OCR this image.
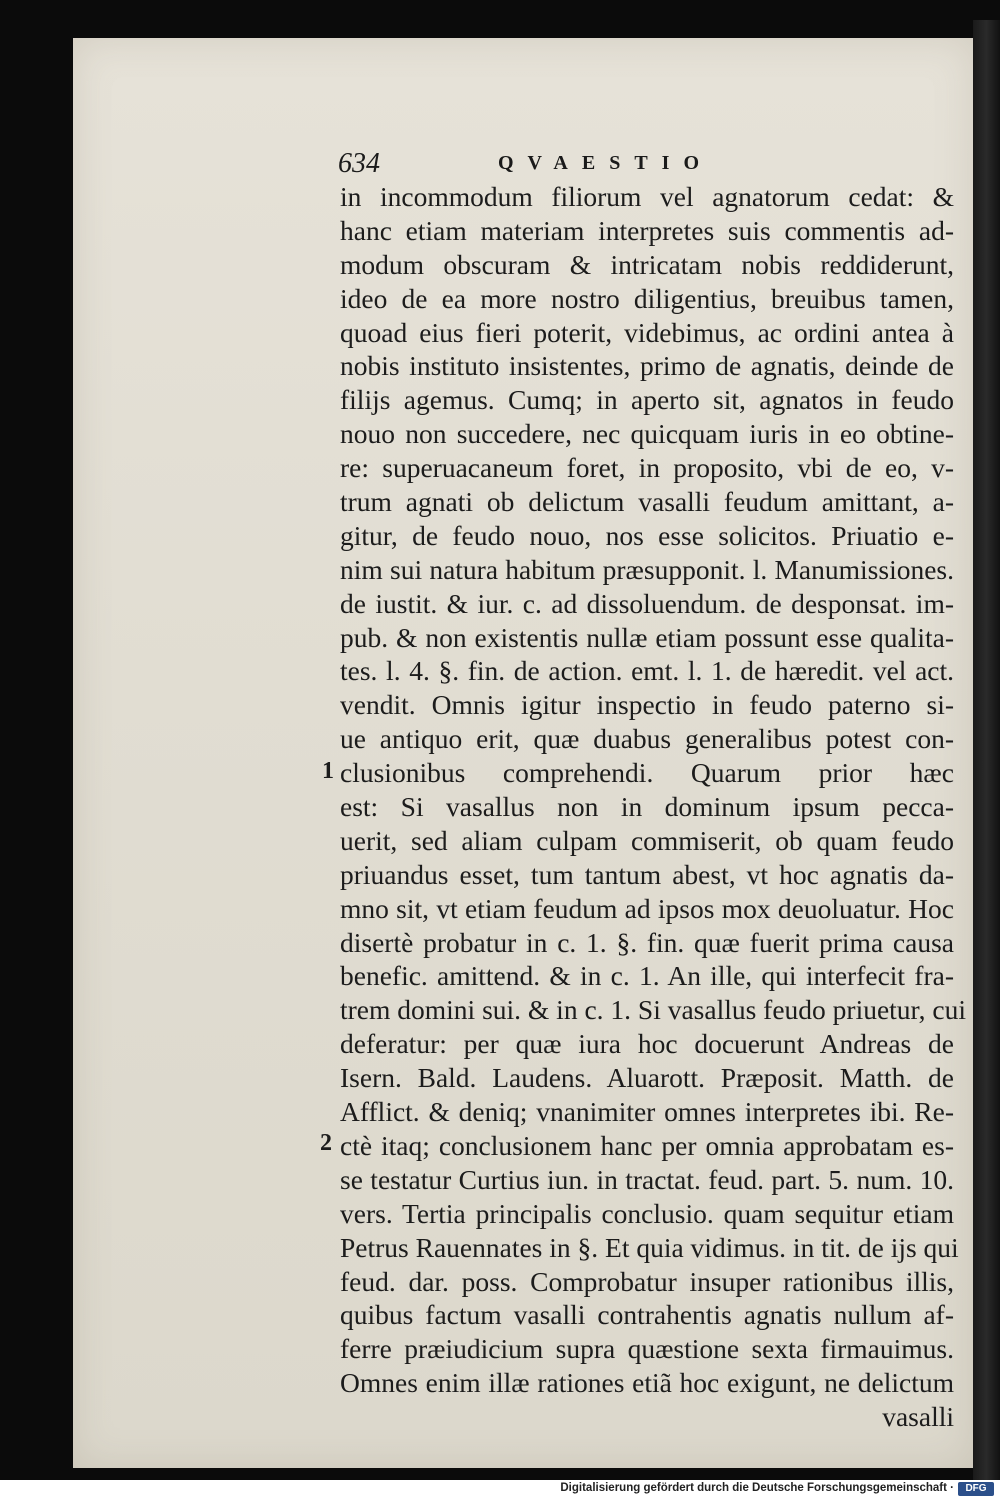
634	QVAESTIO
in incommodum filiorum vel agnatorum cedat: &
hanc etiam materiam interpretes suis commentis ad-
modum obscuram & intricatam nobis reddiderunt,
ideo de ea more nostro diligentius, breuibus tamen,
quoad eius fieri poterit, videbimus, ac ordini antea à
nobis instituto insistentes, primo de agnatis, deinde de
filijs agemus. Cumq; in aperto sit, agnatos in feudo
nouo non succedere, nec quicquam iuris in eo obtine-
re: superuacaneum foret, in proposito, vbi de eo, v-
trum agnati ob delictum vasalli feudum amittant, a-
gitur, de feudo nouo, nos esse solicitos. Priuatio e-
nim sui natura habitum præsupponit. l. Manumissiones.
de iustit. & iur. c. ad dissoluendum. de desponsat. im-
pub. & non existentis nullæ etiam possunt esse qualita-
tes. l. 4. §. fin. de action. emt. l. 1. de hæredit. vel act.
vendit. Omnis igitur inspectio in feudo paterno si-
ue antiquo erit, quæ duabus generalibus potest con-
clusionibus comprehendi. Quarum prior hæc
est: Si vasallus non in dominum ipsum pecca-
uerit, sed aliam culpam commiserit, ob quam feudo
priuandus esset, tum tantum abest, vt hoc agnatis da-
mno sit, vt etiam feudum ad ipsos mox deuoluatur. Hoc
disertè probatur in c. 1. §. fin. quæ fuerit prima causa
benefic. amittend. & in c. 1. An ille, qui interfecit fra-
trem domini sui. & in c. 1. Si vasallus feudo priuetur, cui
deferatur: per quæ iura hoc docuerunt Andreas de
Isern. Bald. Laudens. Aluarott. Præposit. Matth. de
Afflict. & deniq; vnanimiter omnes interpretes ibi. Re-
ctè itaq; conclusionem hanc per omnia approbatam es-
se testatur Curtius iun. in tractat. feud. part. 5. num. 10.
vers. Tertia principalis conclusio. quam sequitur etiam
Petrus Rauennates in §. Et quia vidimus. in tit. de ijs qui
feud. dar. poss. Comprobatur insuper rationibus illis,
quibus factum vasalli contrahentis agnatis nullum af-
ferre præiudicium supra quæstione sexta firmauimus.
Omnes enim illæ rationes etiã hoc exigunt, ne delictum
vasalli
1
2
Digitalisierung gefördert durch die Deutsche Forschungsgemeinschaft ·	DFG
